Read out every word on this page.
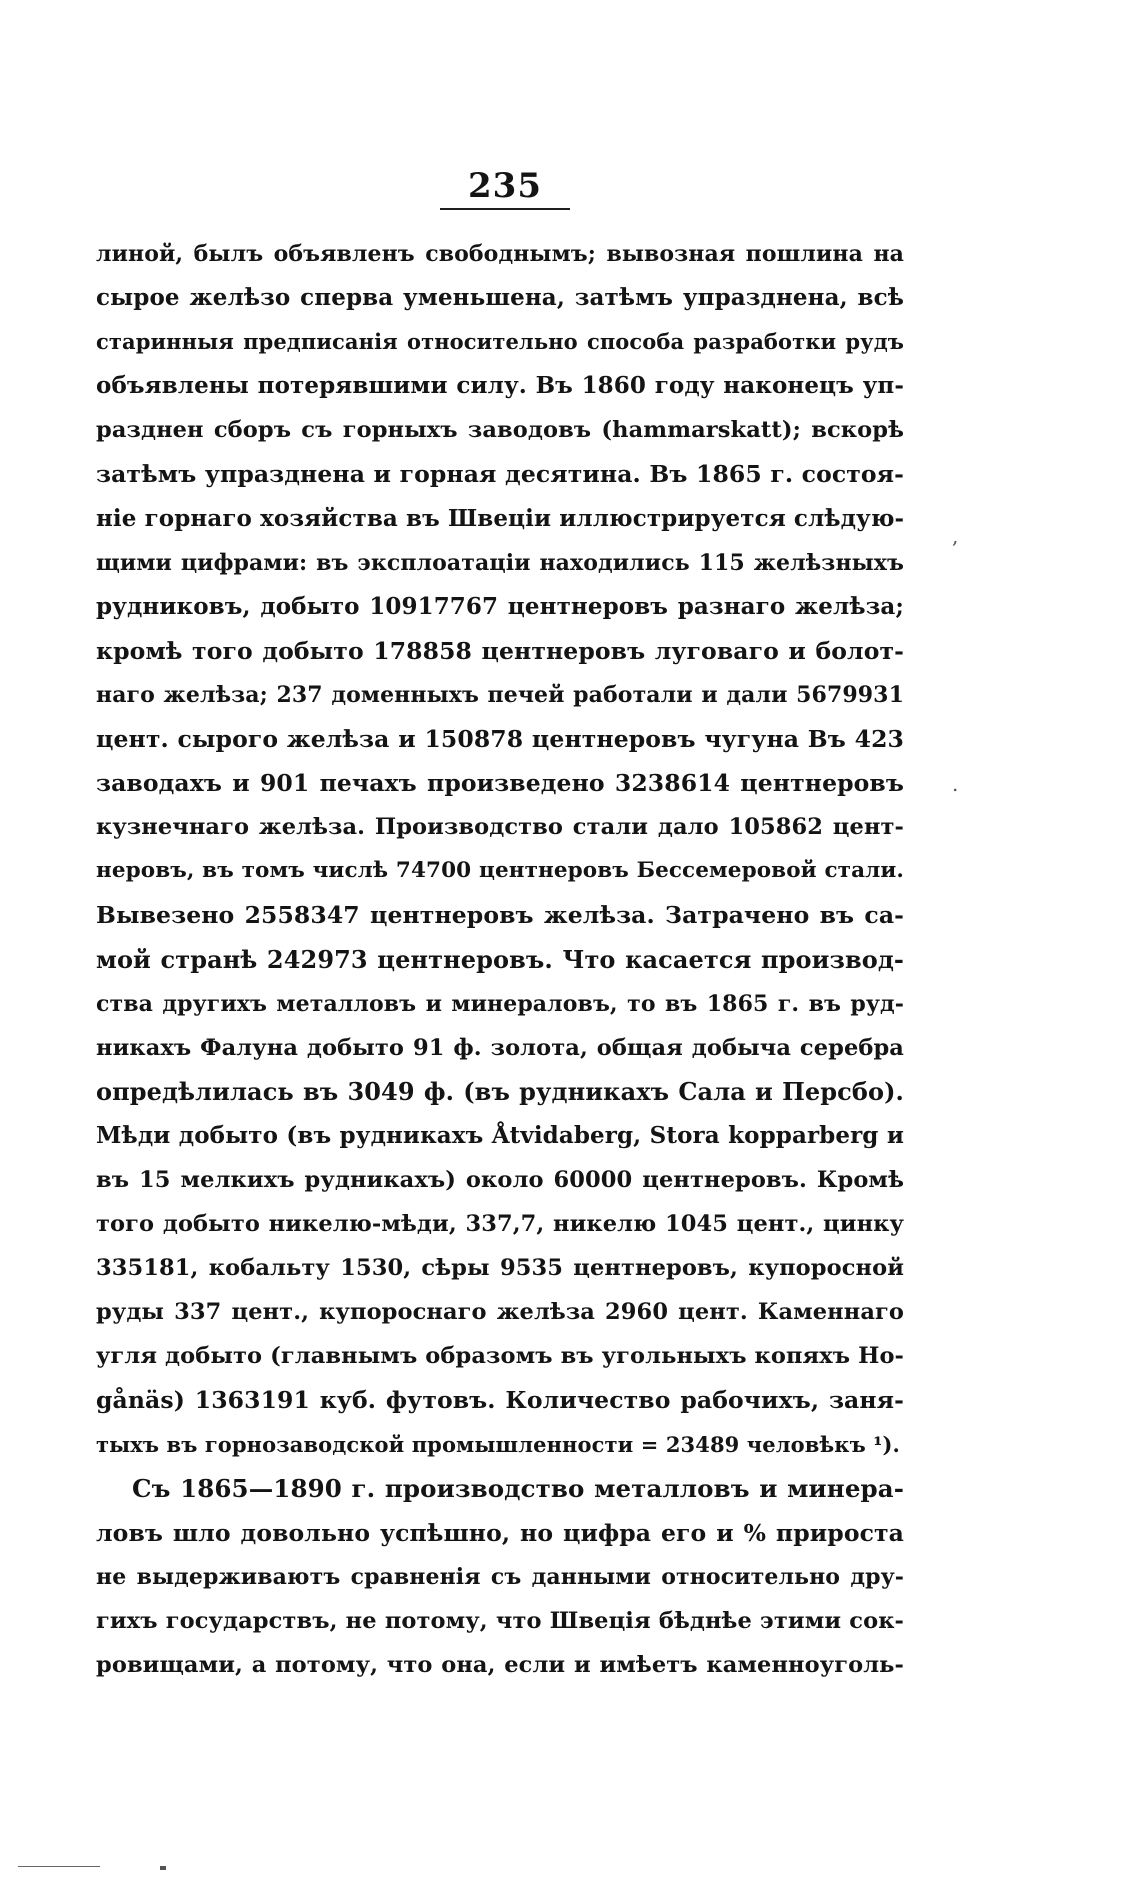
235
линой, былъ объявленъ свободнымъ; вывозная пошлина на
сырое желѣзо сперва уменьшена, затѣмъ упразднена, всѣ
старинныя предписанія относительно способа разработки рудъ
объявлены потерявшими силу. Въ 1860 году наконецъ уп-
разднен сборъ съ горныхъ заводовъ (hammarskatt); вскорѣ
затѣмъ упразднена и горная десятина. Въ 1865 г. состоя-
ніе горнаго хозяйства въ Швеціи иллюстрируется слѣдую-
щими цифрами: въ эксплоатаціи находились 115 желѣзныхъ
рудниковъ, добыто 10917767 центнеровъ разнаго желѣза;
кромѣ того добыто 178858 центнеровъ луговаго и болот-
наго желѣза; 237 доменныхъ печей работали и дали 5679931
цент. сырого желѣза и 150878 центнеровъ чугуна Въ 423
заводахъ и 901 печахъ произведено 3238614 центнеровъ
кузнечнаго желѣза. Производство стали дало 105862 цент-
неровъ, въ томъ числѣ 74700 центнеровъ Бессемеровой стали.
Вывезено 2558347 центнеровъ желѣза. Затрачено въ са-
мой странѣ 242973 центнеровъ. Что касается производ-
ства другихъ металловъ и минераловъ, то въ 1865 г. въ руд-
никахъ Фалуна добыто 91 ф. золота, общая добыча серебра
опредѣлилась въ 3049 ф. (въ рудникахъ Сала и Персбо).
Мѣди добыто (въ рудникахъ Åtvidaberg, Stora kopparberg и
въ 15 мелкихъ рудникахъ) около 60000 центнеровъ. Кромѣ
того добыто никелю-мѣди, 337,7, никелю 1045 цент., цинку
335181, кобальту 1530, сѣры 9535 центнеровъ, купоросной
руды 337 цент., купороснаго желѣза 2960 цент. Каменнаго
угля добыто (главнымъ образомъ въ угольныхъ копяхъ Ho-
gånäs) 1363191 куб. футовъ. Количество рабочихъ, заня-
тыхъ въ горнозаводской промышленности = 23489 человѣкъ ¹).
Съ 1865—1890 г. производство металловъ и минера-
ловъ шло довольно успѣшно, но цифра его и % прироста
не выдерживаютъ сравненія съ данными относительно дру-
гихъ государствъ, не потому, что Швеція бѣднѣе этими сок-
ровищами, а потому, что она, если и имѣетъ каменноуголь-
,
.
